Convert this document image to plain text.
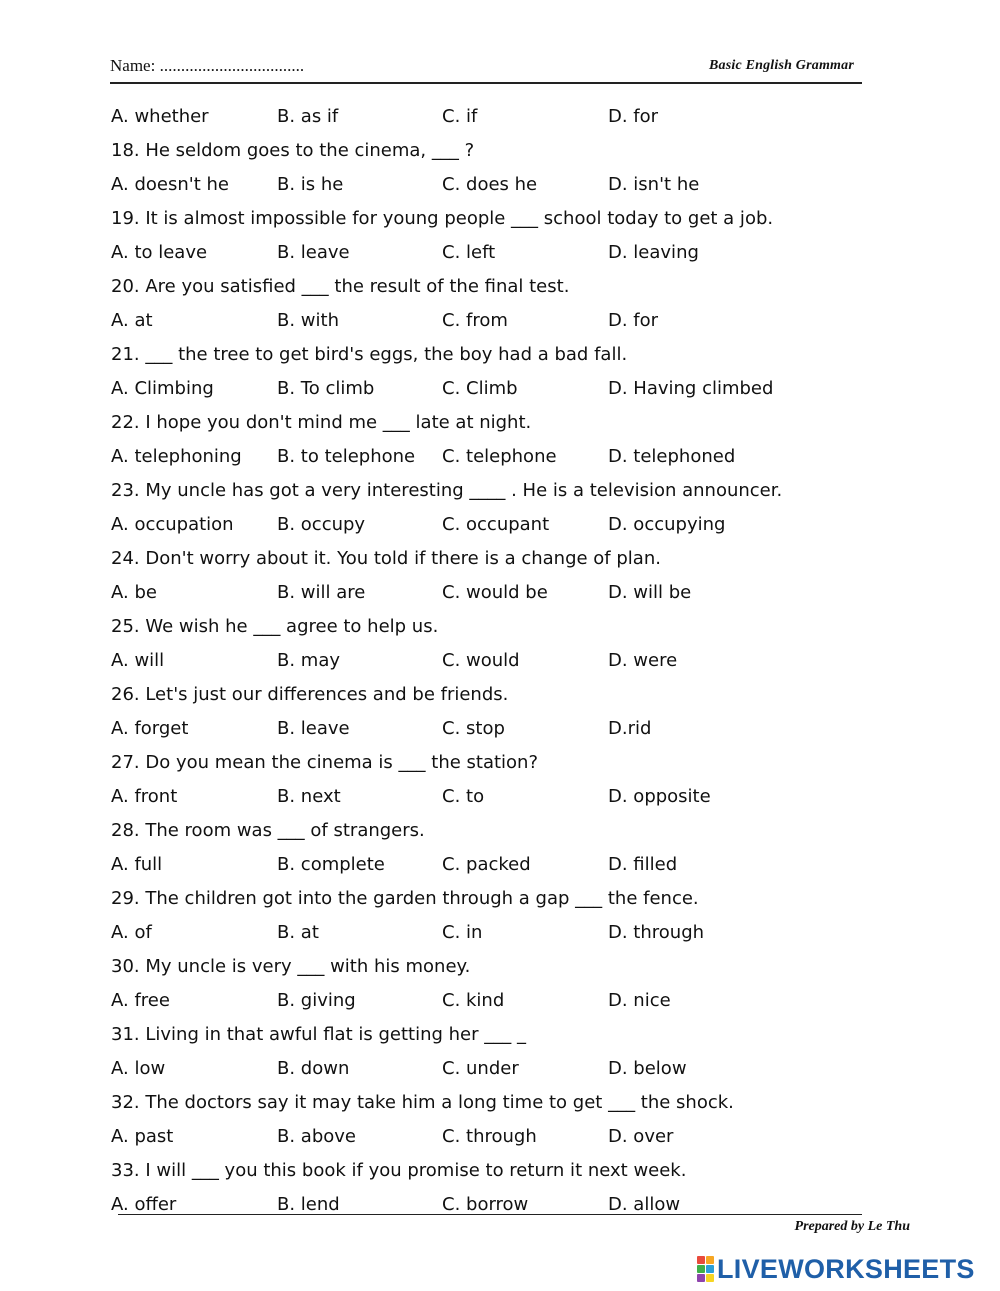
Name: ..................................	Basic English Grammar
A. whether	B. as if	C. if	D. for
18. He seldom goes to the cinema, ___ ?
A. doesn't he	B. is he	C. does he	D. isn't he
19. It is almost impossible for young people ___ school today to get a job.
A. to leave	B. leave	C. left	D. leaving
20. Are you satisfied ___ the result of the final test.
A. at	B. with	C. from	D. for
21. ___ the tree to get bird's eggs, the boy had a bad fall.
A. Climbing	B. To climb	C. Climb	D. Having climbed
22. I hope you don't mind me ___ late at night.
A. telephoning B. to telephone C. telephone	D. telephoned
23. My uncle has got a very interesting ____ . He is a television announcer.
A. occupation B. occupy	C. occupant	D. occupying
24. Don't worry about it. You told if there is a change of plan.
A. be	B. will are	C. would be	D. will be
25. We wish he ___ agree to help us.
A. will	B. may	C. would	D. were
26. Let's just our differences and be friends.
A. forget	B. leave	C. stop	D.rid
27. Do you mean the cinema is ___ the station?
A. front	B. next	C. to	D. opposite
28. The room was ___ of strangers.
A. full	B. complete	C. packed	D. filled
29. The children got into the garden through a gap ___ the fence.
A. of	B. at	C. in	D. through
30. My uncle is very ___ with his money.
A. free	B. giving	C. kind	D. nice
31. Living in that awful flat is getting her ___ _
A. low	B. down	C. under	D. below
32. The doctors say it may take him a long time to get ___ the shock.
A. past	B. above	C. through	D. over
33. I will ___ you this book if you promise to return it next week.
A. offer	B. lend	C. borrow	D. allow
Prepared by Le Thu
LIVEWORKSHEETS
